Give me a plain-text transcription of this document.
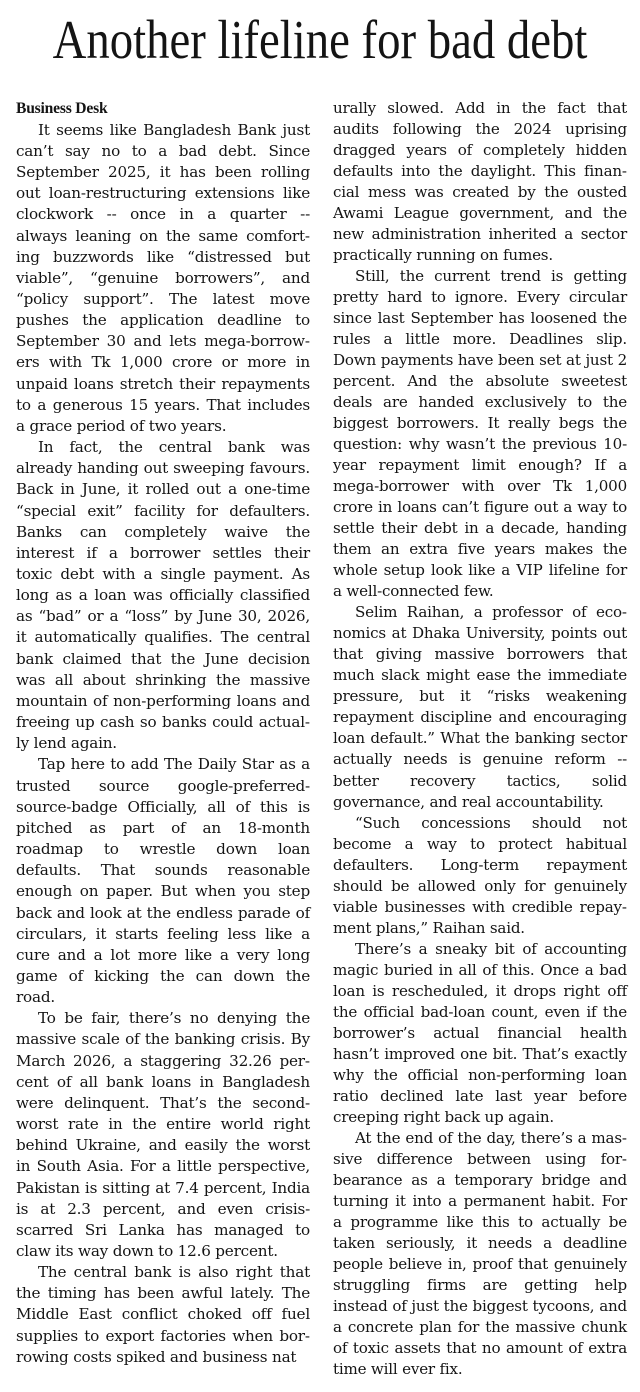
Another lifeline for bad debt
Business Desk

It seems like Bangladesh Bank just can’t say no to a bad debt. Since September 2025, it has been rolling out loan-restructuring extensions like clockwork -- once in a quarter -- always leaning on the same comforting buzzwords like “distressed but viable”, “genuine borrowers”, and “policy support”. The latest move pushes the application deadline to September 30 and lets mega-borrowers with Tk 1,000 crore or more in unpaid loans stretch their repayments to a generous 15 years. That includes a grace period of two years.

In fact, the central bank was already handing out sweeping favours. Back in June, it rolled out a one-time “special exit” facility for defaulters. Banks can completely waive the interest if a borrower settles their toxic debt with a single payment. As long as a loan was officially classified as “bad” or a “loss” by June 30, 2026, it automatically qualifies. The central bank claimed that the June decision was all about shrinking the massive mountain of non-performing loans and freeing up cash so banks could actually lend again.

Tap here to add The Daily Star as a trusted source google-preferred-source-badge Officially, all of this is pitched as part of an 18-month roadmap to wrestle down loan defaults. That sounds reasonable enough on paper. But when you step back and look at the endless parade of circulars, it starts feeling less like a cure and a lot more like a very long game of kicking the can down the road.

To be fair, there’s no denying the massive scale of the banking crisis. By March 2026, a staggering 32.26 percent of all bank loans in Bangladesh were delinquent. That’s the second-worst rate in the entire world right behind Ukraine, and easily the worst in South Asia. For a little perspective, Pakistan is sitting at 7.4 percent, India is at 2.3 percent, and even crisis-scarred Sri Lanka has managed to claw its way down to 12.6 percent.

The central bank is also right that the timing has been awful lately. The Middle East conflict choked off fuel supplies to export factories when borrowing costs spiked and business nat

urally slowed. Add in the fact that audits following the 2024 uprising dragged years of completely hidden defaults into the daylight. This financial mess was created by the ousted Awami League government, and the new administration inherited a sector practically running on fumes.

Still, the current trend is getting pretty hard to ignore. Every circular since last September has loosened the rules a little more. Deadlines slip. Down payments have been set at just 2 percent. And the absolute sweetest deals are handed exclusively to the biggest borrowers. It really begs the question: why wasn’t the previous 10-year repayment limit enough? If a mega-borrower with over Tk 1,000 crore in loans can’t figure out a way to settle their debt in a decade, handing them an extra five years makes the whole setup look like a VIP lifeline for a well-connected few.

Selim Raihan, a professor of economics at Dhaka University, points out that giving massive borrowers that much slack might ease the immediate pressure, but it “risks weakening repayment discipline and encouraging loan default.” What the banking sector actually needs is genuine reform -- better recovery tactics, solid governance, and real accountability.

“Such concessions should not become a way to protect habitual defaulters. Long-term repayment should be allowed only for genuinely viable businesses with credible repayment plans,” Raihan said.

There’s a sneaky bit of accounting magic buried in all of this. Once a bad loan is rescheduled, it drops right off the official bad-loan count, even if the borrower’s actual financial health hasn’t improved one bit. That’s exactly why the official non-performing loan ratio declined late last year before creeping right back up again.

At the end of the day, there’s a massive difference between using forbearance as a temporary bridge and turning it into a permanent habit. For a programme like this to actually be taken seriously, it needs a deadline people believe in, proof that genuinely struggling firms are getting help instead of just the biggest tycoons, and a concrete plan for the massive chunk of toxic assets that no amount of extra time will ever fix.
